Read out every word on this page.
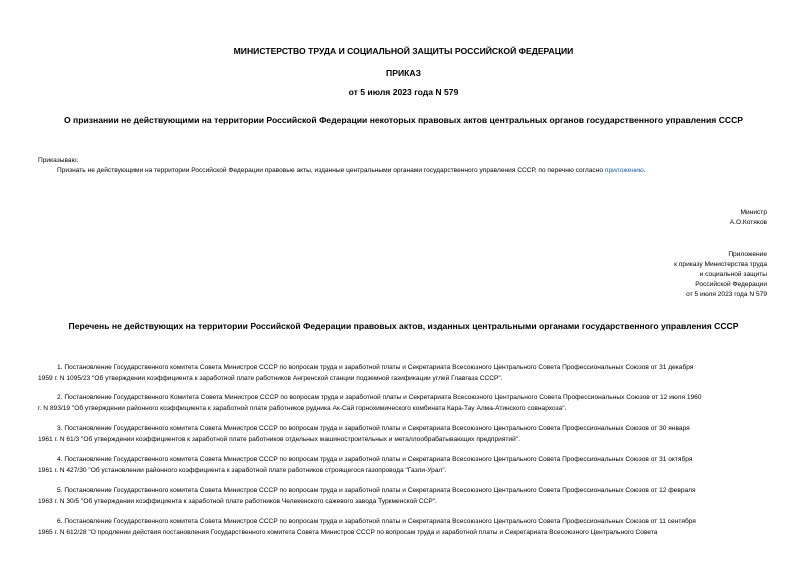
МИНИСТЕРСТВО ТРУДА И СОЦИАЛЬНОЙ ЗАЩИТЫ РОССИЙСКОЙ ФЕДЕРАЦИИ
ПРИКАЗ
от 5 июля 2023 года N 579
О признании не действующими на территории Российской Федерации некоторых правовых актов центральных органов государственного управления СССР
Приказываю:
Признать не действующими на территории Российской Федерации правовые акты, изданные центральными органами государственного управления СССР, по перечню согласно приложению.
Министр
А.О.Котяков
Приложение
к приказу Министерства труда
и социальной защиты
Российской Федерации
от 5 июля 2023 года N 579
Перечень не действующих на территории Российской Федерации правовых актов, изданных центральными органами государственного управления СССР
1. Постановление Государственного комитета Совета Министров СССР по вопросам труда и заработной платы и Секретариата Всесоюзного Центрального Совета Профессиональных Союзов от 31 декабря
1959 г. N 1095/23 "Об утверждении коэффициента к заработной плате работников Ангренской станции подземной газификации углей Главгаза СССР".
2. Постановление Государственного Комитета Совета Министров СССР по вопросам труда и заработной платы и Секретариата Всесоюзного Центрального Совета Профессиональных Союзов от 12 июля 1960
г. N 893/19 "Об утверждении районного коэффициента к заработной плате работников рудника Ак-Сай горнохимического комбината Кара-Тау Алма-Атинского совнархоза".
3. Постановление Государственного комитета Совета Министров СССР по вопросам труда и заработной платы и Секретариата Всесоюзного Центрального Совета Профессиональных Союзов от 30 января
1961 г. N 61/3 "Об утверждении коэффициентов к заработной плате работников отдельных машиностроительных и металлообрабатывающих предприятий".
4. Постановление Государственного комитета Совета Министров СССР по вопросам труда и заработной платы и Секретариата Всесоюзного Центрального Совета Профессиональных Союзов от 31 октября
1961 г. N 427/30 "Об установлении районного коэффициента к заработной плате работников строящегося газопровода "Газли-Урал".
5. Постановление Государственного комитета Совета Министров СССР по вопросам труда и заработной платы и Секретариата Всесоюзного Центрального Совета Профессиональных Союзов от 12 февраля
1963 г. N 30/5 "Об утверждении коэффициента к заработной плате работников Челекенского сажевого завода Туркменской ССР".
6. Постановление Государственного комитета Совета Министров СССР по вопросам труда и заработной платы и Секретариата Всесоюзного Центрального Совета Профессиональных Союзов от 11 сентября
1965 г. N 612/28 "О продлении действия постановления Государственного комитета Совета Министров СССР по вопросам труда и заработной платы и Секретариата Всесоюзного Центрального Совета
